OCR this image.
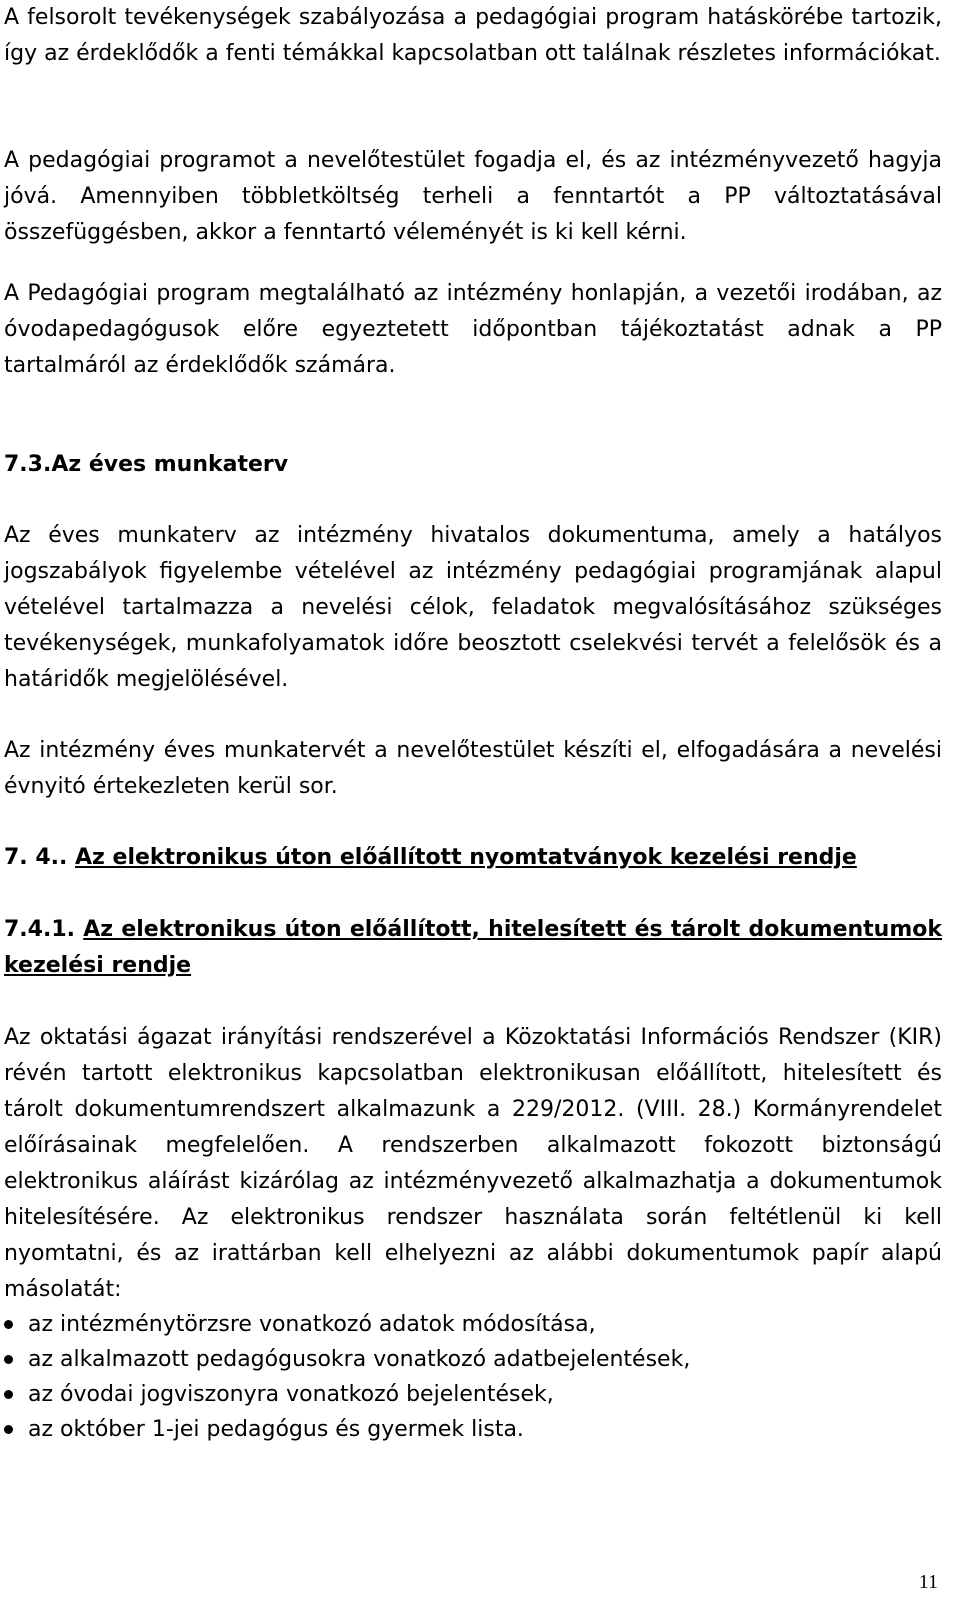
A felsorolt tevékenységek szabályozása a pedagógiai program hatáskörébe tartozik, így az érdeklődők a fenti témákkal kapcsolatban ott találnak részletes információkat.

A pedagógiai programot a nevelőtestület fogadja el, és az intézményvezető hagyja jóvá. Amennyiben többletköltség terheli a fenntartót a PP változtatásával összefüggésben, akkor a fenntartó véleményét is ki kell kérni.

A Pedagógiai program megtalálható az intézmény honlapján, a vezetői irodában, az óvodapedagógusok előre egyeztetett időpontban tájékoztatást adnak a PP tartalmáról az érdeklődők számára.

7.3.Az éves munkaterv

Az éves munkaterv az intézmény hivatalos dokumentuma, amely a hatályos jogszabályok figyelembe vételével az intézmény pedagógiai programjának alapul vételével tartalmazza a nevelési célok, feladatok megvalósításához szükséges tevékenységek, munkafolyamatok időre beosztott cselekvési tervét a felelősök és a határidők megjelölésével.

Az intézmény éves munkatervét a nevelőtestület készíti el, elfogadására a nevelési évnyitó értekezleten kerül sor.

7. 4.. Az elektronikus úton előállított nyomtatványok kezelési rendje

7.4.1. Az elektronikus úton előállított, hitelesített és tárolt dokumentumok kezelési rendje

Az oktatási ágazat irányítási rendszerével a Közoktatási Információs Rendszer (KIR) révén tartott elektronikus kapcsolatban elektronikusan előállított, hitelesített és tárolt dokumentumrendszert alkalmazunk a 229/2012. (VIII. 28.) Kormányrendelet előírásainak megfelelően. A rendszerben alkalmazott fokozott biztonságú elektronikus aláírást kizárólag az intézményvezető alkalmazhatja a dokumentumok hitelesítésére. Az elektronikus rendszer használata során feltétlenül ki kell nyomtatni, és az irattárban kell elhelyezni az alábbi dokumentumok papír alapú másolatát:

az intézménytörzsre vonatkozó adatok módosítása,
az alkalmazott pedagógusokra vonatkozó adatbejelentések,
az óvodai jogviszonyra vonatkozó bejelentések,
az október 1-jei pedagógus és gyermek lista.
11
